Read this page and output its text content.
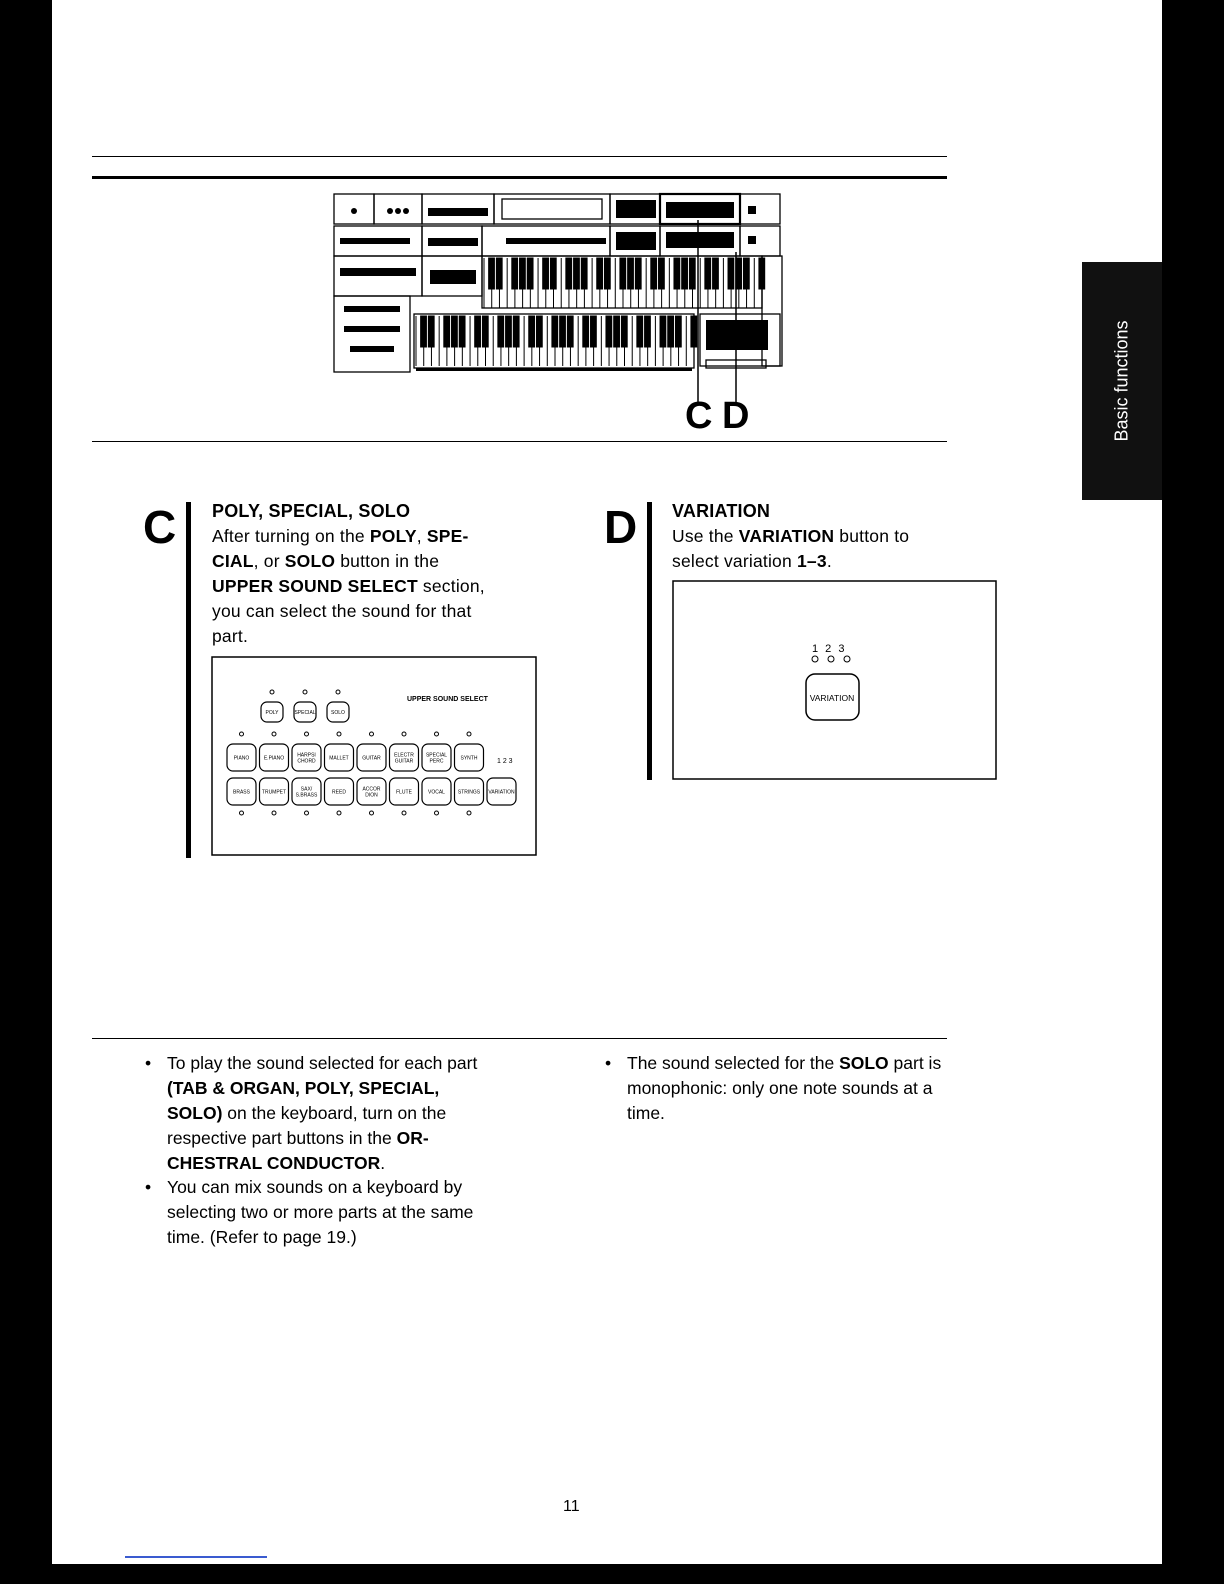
Basic functions
C D
C POLY, SPECIAL, SOLO
After turning on the POLY, SPE-
CIAL, or SOLO button in the
UPPER SOUND SELECT section,
you can select the sound for that
part.
UPPER SOUND SELECT
POLY	SPECIAL	SOLO
PIANO	E.PIANO	HARPSI
CHORD	MALLET	GUITAR	ELECTR
GUITAR
SPECIAL
PERC	SYNTH
BRASS TRUMPET	SAX/
S.BRASS	REED	ACCOR
DION	FLUTE	VOCAL	STRINGS VARIATION
1 2 3
D VARIATION
Use the VARIATION button to
select variation 1–3.
1 2 3
VARIATION
• To play the sound selected for each part
(TAB & ORGAN, POLY, SPECIAL,
SOLO) on the keyboard, turn on the
respective part buttons in the OR-
CHESTRAL CONDUCTOR.
• You can mix sounds on a keyboard by
selecting two or more parts at the same
time. (Refer to page 19.)
• The sound selected for the SOLO part is
monophonic: only one note sounds at a
time.
11
